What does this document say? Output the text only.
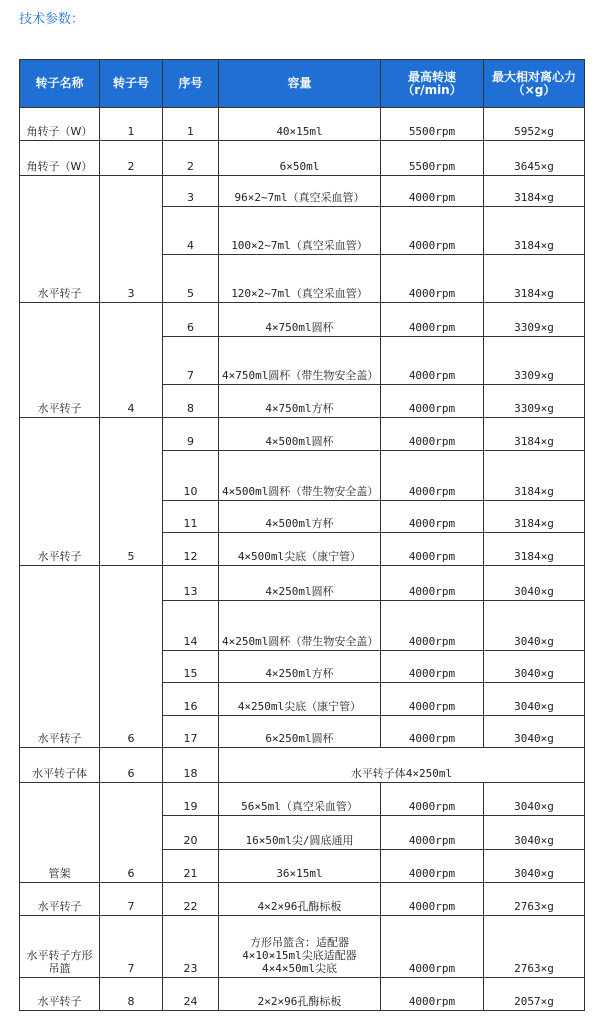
技术参数：
转子名称	转子号	序号	容量	最高转速（r/min）	最大相对离心力（×g）
角转子（W）	1	1	40×15ml	5500rpm	5952×g
角转子（W）	2	2	6×50ml	5500rpm	3645×g
水平转子	3	3	96×2~7ml（真空采血管）	4000rpm	3184×g
		4	100×2~7ml（真空采血管）	4000rpm	3184×g
		5	120×2~7ml（真空采血管）	4000rpm	3184×g
水平转子	4	6	4×750ml圆杯	4000rpm	3309×g
		7	4×750ml圆杯（带生物安全盖）	4000rpm	3309×g
		8	4×750ml方杯	4000rpm	3309×g
水平转子	5	9	4×500ml圆杯	4000rpm	3184×g
		10	4×500ml圆杯（带生物安全盖）	4000rpm	3184×g
		11	4×500ml方杯	4000rpm	3184×g
		12	4×500ml尖底（康宁管）	4000rpm	3184×g
水平转子	6	13	4×250ml圆杯	4000rpm	3040×g
		14	4×250ml圆杯（带生物安全盖）	4000rpm	3040×g
		15	4×250ml方杯	4000rpm	3040×g
		16	4×250ml尖底（康宁管）	4000rpm	3040×g
		17	6×250ml圆杯	4000rpm	3040×g
水平转子体	6	18	水平转子体4×250ml		
管架	6	19	56×5ml（真空采血管）	4000rpm	3040×g
		20	16×50ml尖/圆底通用	4000rpm	3040×g
		21	36×15ml	4000rpm	3040×g
水平转子	7	22	4×2×96孔酶标板	4000rpm	2763×g
水平转子方形吊篮	7	23	方形吊篮含：适配器4×10×15ml尖底适配器4×4×50ml尖底	4000rpm	2763×g
水平转子	8	24	2×2×96孔酶标板	4000rpm	2057×g
